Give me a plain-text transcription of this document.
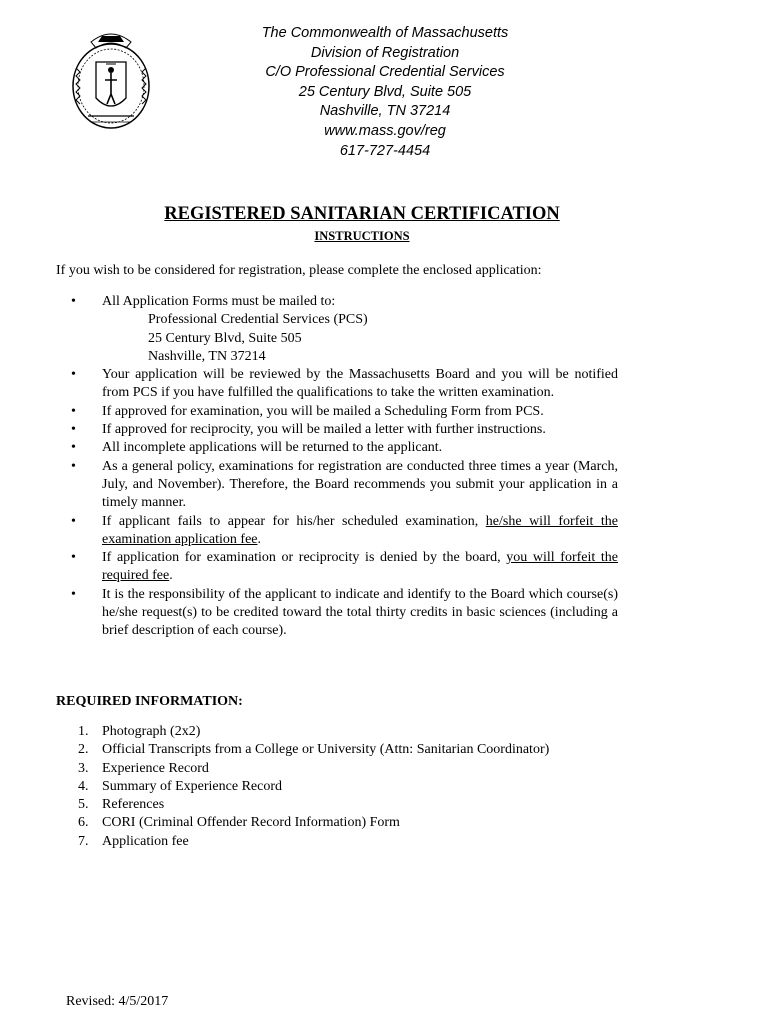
The Commonwealth of Massachusetts
Division of Registration
C/O Professional Credential Services
25 Century Blvd, Suite 505
Nashville, TN 37214
www.mass.gov/reg
617-727-4454
REGISTERED SANITARIAN CERTIFICATION
INSTRUCTIONS
If you wish to be considered for registration, please complete the enclosed application:
• All Application Forms must be mailed to:
Professional Credential Services (PCS)
25 Century Blvd, Suite 505
Nashville, TN 37214
• Your application will be reviewed by the Massachusetts Board and you will be notified from PCS if you have fulfilled the qualifications to take the written examination.
• If approved for examination, you will be mailed a Scheduling Form from PCS.
• If approved for reciprocity, you will be mailed a letter with further instructions.
• All incomplete applications will be returned to the applicant.
• As a general policy, examinations for registration are conducted three times a year (March, July, and November). Therefore, the Board recommends you submit your application in a timely manner.
• If applicant fails to appear for his/her scheduled examination, he/she will forfeit the examination application fee.
• If application for examination or reciprocity is denied by the board, you will forfeit the required fee.
• It is the responsibility of the applicant to indicate and identify to the Board which course(s) he/she request(s) to be credited toward the total thirty credits in basic sciences (including a brief description of each course).
REQUIRED INFORMATION:
1. Photograph (2x2)
2. Official Transcripts from a College or University (Attn: Sanitarian Coordinator)
3. Experience Record
4. Summary of Experience Record
5. References
6. CORI (Criminal Offender Record Information) Form
7. Application fee
Revised: 4/5/2017
